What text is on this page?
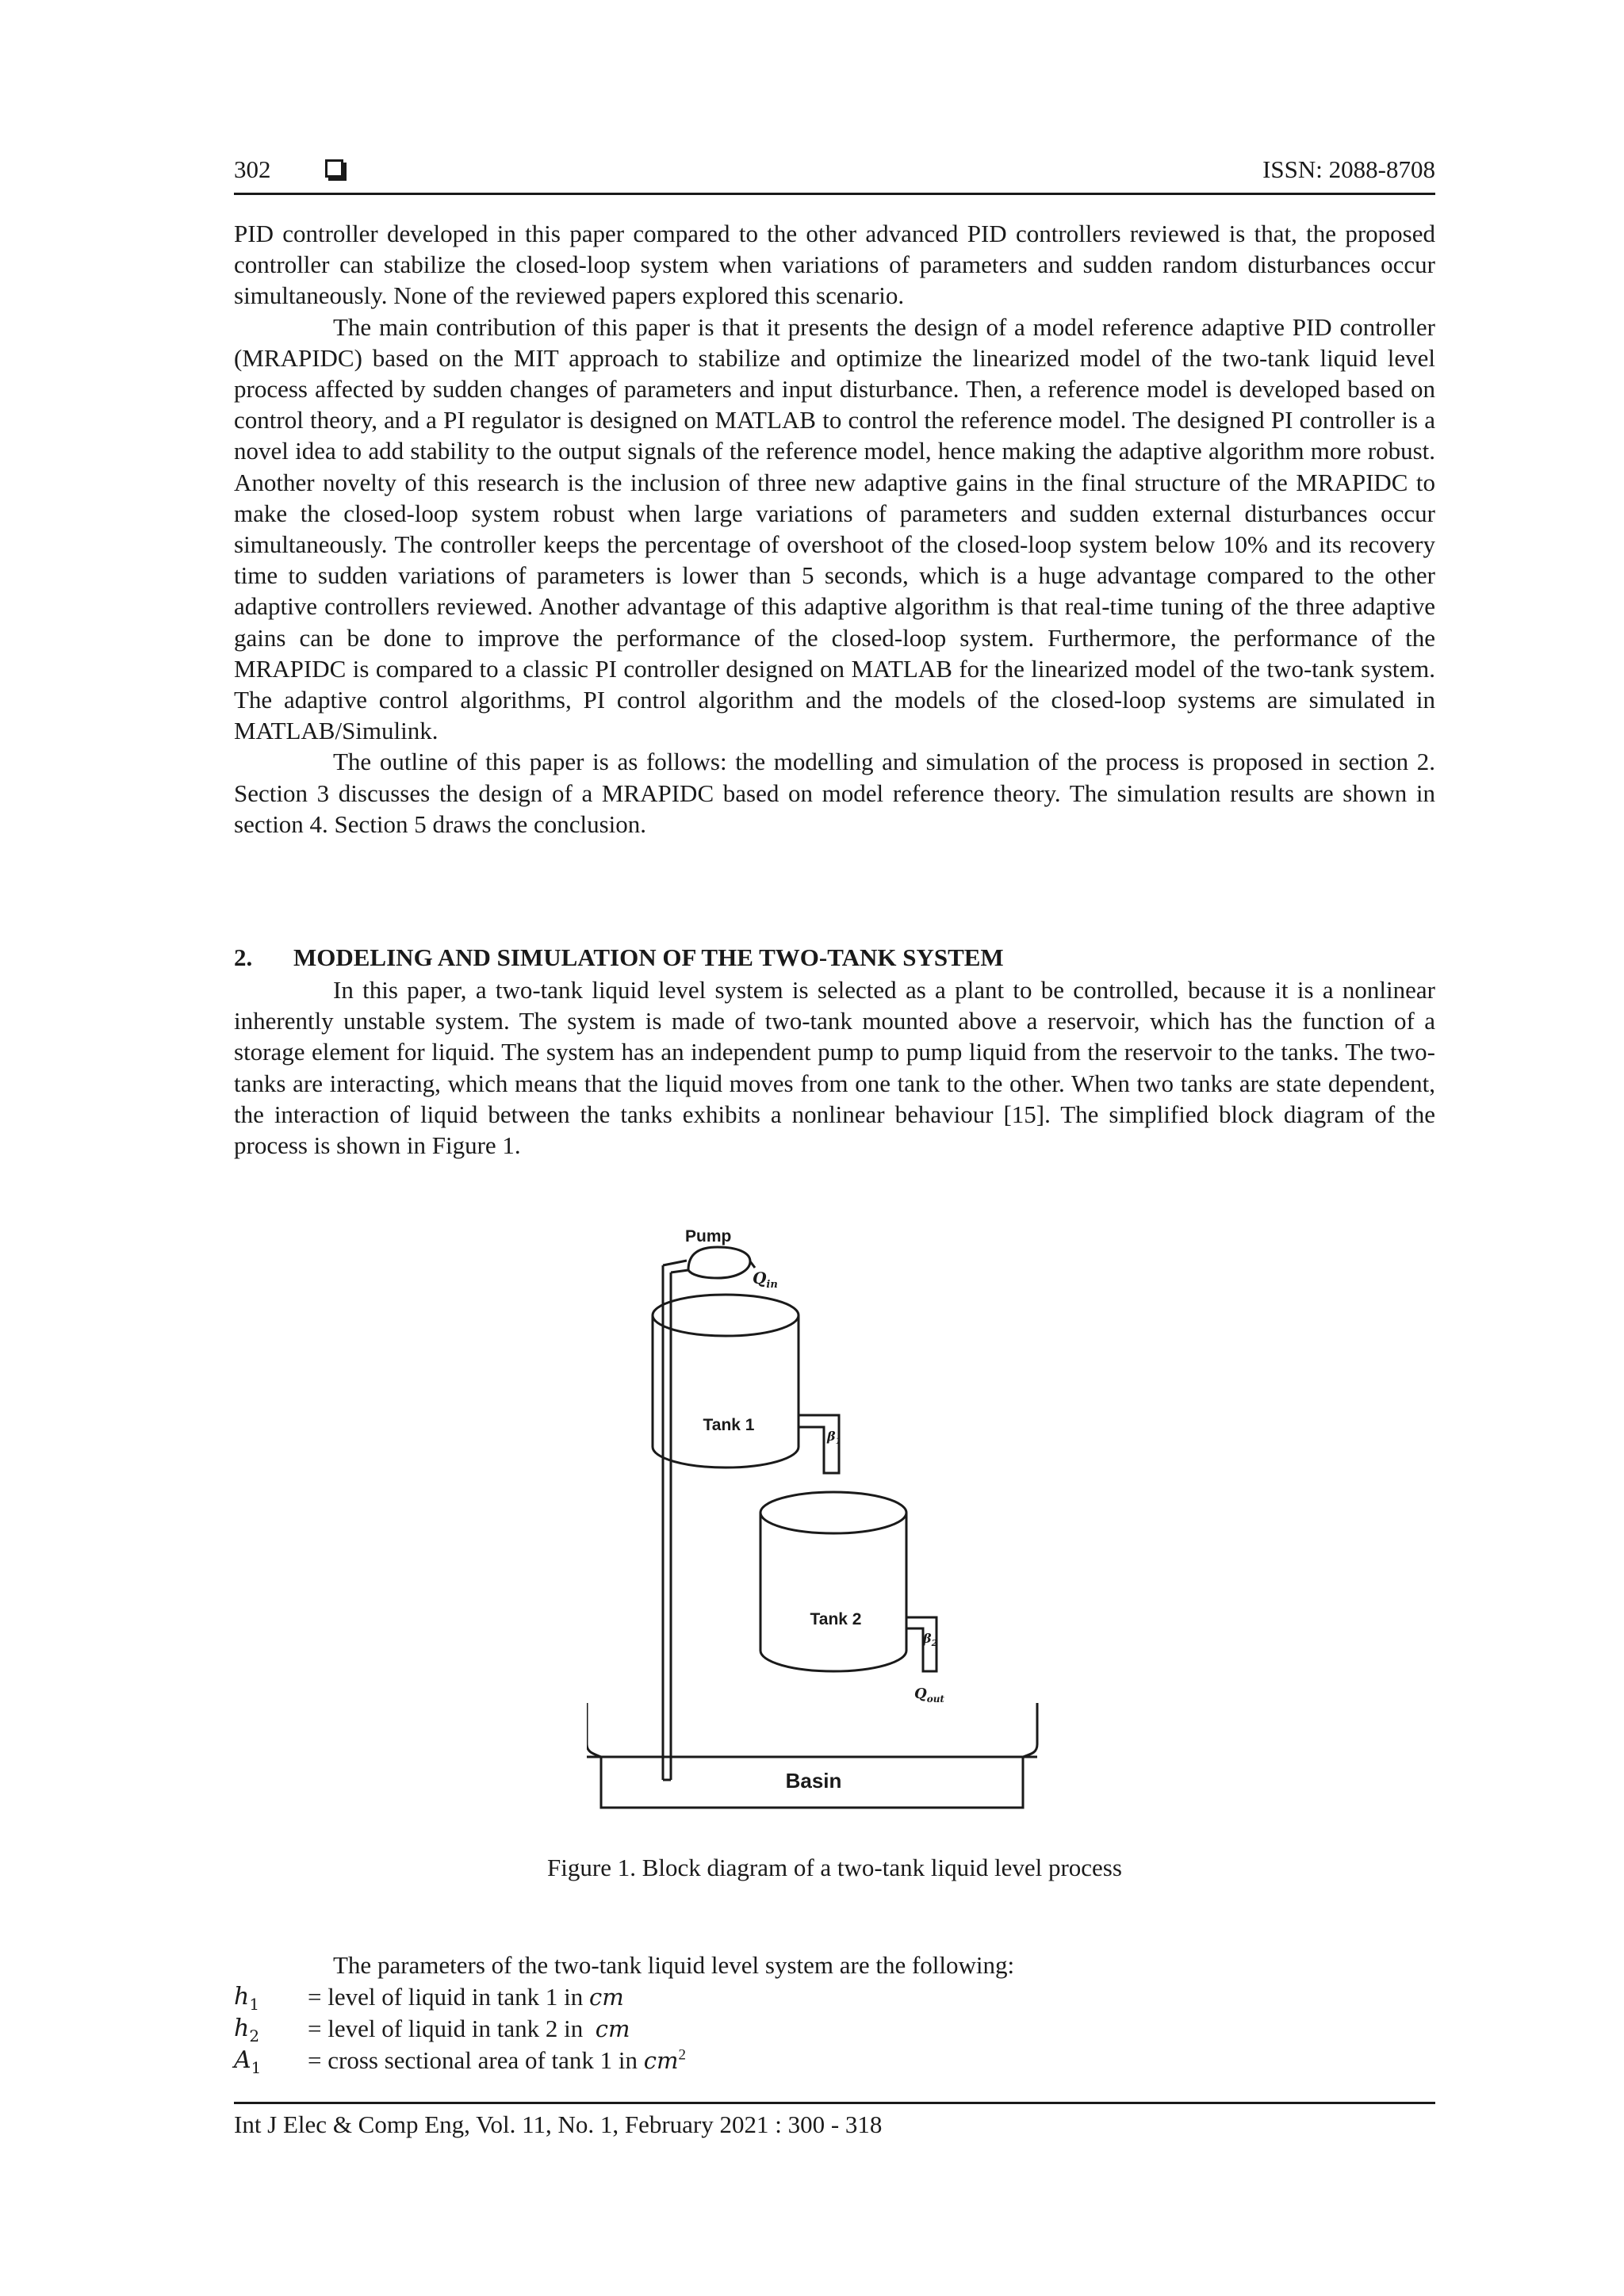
302	ISSN: 2088-8708

PID controller developed in this paper compared to the other advanced PID controllers reviewed is that, the proposed controller can stabilize the closed-loop system when variations of parameters and sudden random disturbances occur simultaneously. None of the reviewed papers explored this scenario.

The main contribution of this paper is that it presents the design of a model reference adaptive PID controller (MRAPIDC) based on the MIT approach to stabilize and optimize the linearized model of the two-tank liquid level process affected by sudden changes of parameters and input disturbance. Then, a reference model is developed based on control theory, and a PI regulator is designed on MATLAB to control the reference model. The designed PI controller is a novel idea to add stability to the output signals of the reference model, hence making the adaptive algorithm more robust. Another novelty of this research is the inclusion of three new adaptive gains in the final structure of the MRAPIDC to make the closed-loop system robust when large variations of parameters and sudden external disturbances occur simultaneously. The controller keeps the percentage of overshoot of the closed-loop system below 10% and its recovery time to sudden variations of parameters is lower than 5 seconds, which is a huge advantage compared to the other adaptive controllers reviewed. Another advantage of this adaptive algorithm is that real-time tuning of the three adaptive gains can be done to improve the performance of the closed-loop system. Furthermore, the performance of the MRAPIDC is compared to a classic PI controller designed on MATLAB for the linearized model of the two-tank system. The adaptive control algorithms, PI control algorithm and the models of the closed-loop systems are simulated in MATLAB/Simulink.

The outline of this paper is as follows: the modelling and simulation of the process is proposed in section 2. Section 3 discusses the design of a MRAPIDC based on model reference theory. The simulation results are shown in section 4. Section 5 draws the conclusion.

2. MODELING AND SIMULATION OF THE TWO-TANK SYSTEM

In this paper, a two-tank liquid level system is selected as a plant to be controlled, because it is a nonlinear inherently unstable system. The system is made of two-tank mounted above a reservoir, which has the function of a storage element for liquid. The system has an independent pump to pump liquid from the reservoir to the tanks. The two-tanks are interacting, which means that the liquid moves from one tank to the other. When two tanks are state dependent, the interaction of liquid between the tanks exhibits a nonlinear behaviour [15]. The simplified block diagram of the process is shown in Figure 1.

Pump
$Q_{in}$
Tank 1
$\beta_1$
Tank 2
$\beta_2$
$Q_{out}$
Basin
Figure 1. Block diagram of a two-tank liquid level process
The parameters of the two-tank liquid level system are the following:
$h_1$ = level of liquid in tank 1 in cm
$h_2$ = level of liquid in tank 2 in  cm
$A_1$ = cross sectional area of tank 1 in $cm^2$
Int J Elec & Comp Eng, Vol. 11, No. 1, February 2021 : 300 - 318
